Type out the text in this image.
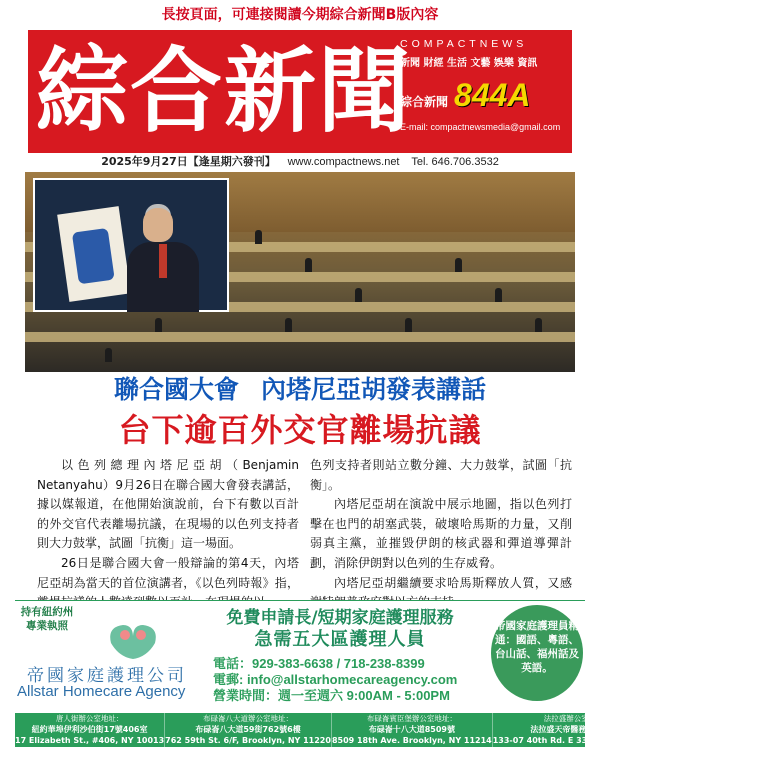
長按頁面，可連接閱讀今期綜合新聞B版內容
綜合新聞
COMPACTNEWS
新聞 財經 生活 文藝 娛樂 資訊
綜合新聞 844A
E-mail: compactnewsmedia@gmail.com
2025年9月27日【逢星期六發刊】 www.compactnews.net Tel. 646.706.3532
聯合國大會 內塔尼亞胡發表講話
台下逾百外交官離場抗議

以色列總理內塔尼亞胡（Benjamin Netanyahu）9月26日在聯合國大會發表講話，據以媒報道，在他開始演說前，台下有數以百計的外交官代表離場抗議，在現場的以色列支持者則大力鼓掌，試圖「抗衡」這一場面。

26日是聯合國大會一般辯論的第4天，內塔尼亞胡為當天的首位演講者，《以色列時報》指，

色列支持者則站立數分鐘、大力鼓掌，試圖「抗衡」。

內塔尼亞胡在演說中展示地圖，指以色列打擊在也門的胡塞武裝，破壞哈馬斯的力量，又削弱真主黨，並摧毀伊朗的核武器和彈道導彈計劃，消除伊朗對以色列的生存威脅。

內塔尼亞胡繼續要求哈馬斯釋放人質，又感

持有紐約州專業執照
帝國家庭護理公司
Allstar Homecare Agency
免費申請長/短期家庭護理服務
急需五大區護理人員
電話：929-383-6638 / 718-238-8399
電郵: info@allstarhomecareagency.com
營業時間：週一至週六 9:00AM - 5:00PM
帝國家庭護理員精通：國語、粵語、台山話、福州話及英語。
唐人街辦公室地址：
紐約華埠伊利沙伯街17號406室
17 Elizabeth St., #406, NY 10013
布碌崙八大道辦公室地址：
布碌崙八大道59街762號6樓
762 59th St. 6/F, Brooklyn, NY 11220
布碌崙賓臣堡辦公室地址：
布碌崙十八大道8509號
8509 18th Ave. Brooklyn, NY 11214
法拉盛辦公室地址：
法拉盛天帝醫務大樓 E 33
133-07 40th Rd. E 33, Flushing 11354
史丹頓島辦公室地址：
2397B Hylan Blvd
Staten Island, NY 10306
